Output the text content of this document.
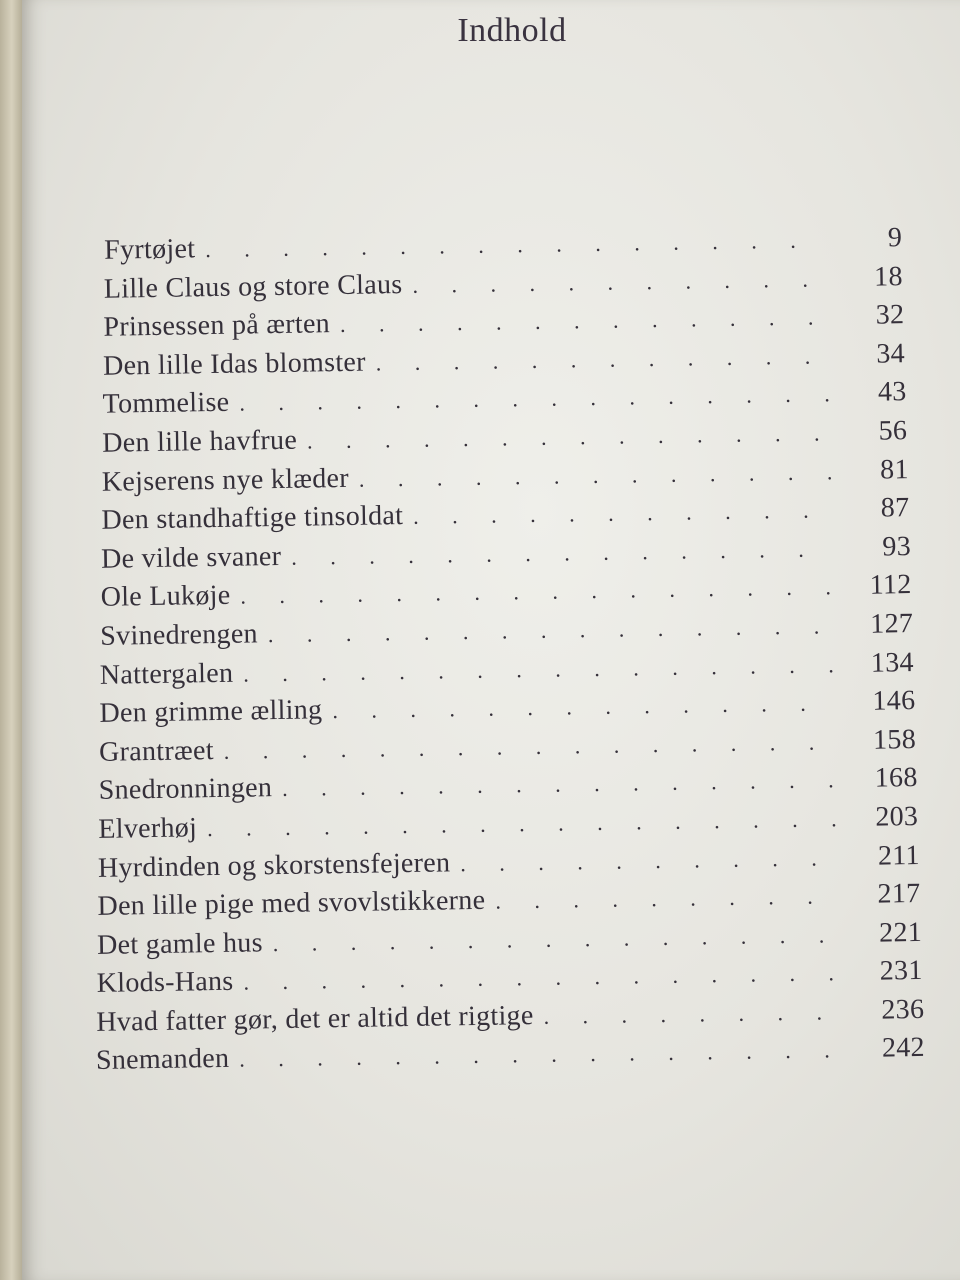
Indhold
Fyrtøjet . . .	9
Lille Claus og store Claus . . .	18
Prinsessen på ærten . . .	32
Den lille Idas blomster . . .	34
Tommelise . . .	43
Den lille havfrue . . .	56
Kejserens nye klæder . . .	81
Den standhaftige tinsoldat . . .	87
De vilde svaner . . .	93
Ole Lukøje . . .	112
Svinedrengen . . .	127
Nattergalen . . .	134
Den grimme ælling . . .	146
Grantræet . . .	158
Snedronningen . . .	168
Elverhøj . . .	203
Hyrdinden og skorstensfejeren . . .	211
Den lille pige med svovlstikkerne . . .	217
Det gamle hus . . .	221
Klods-Hans . . .	231
Hvad fatter gør, det er altid det rigtige . . .	236
Snemanden . . .	242
